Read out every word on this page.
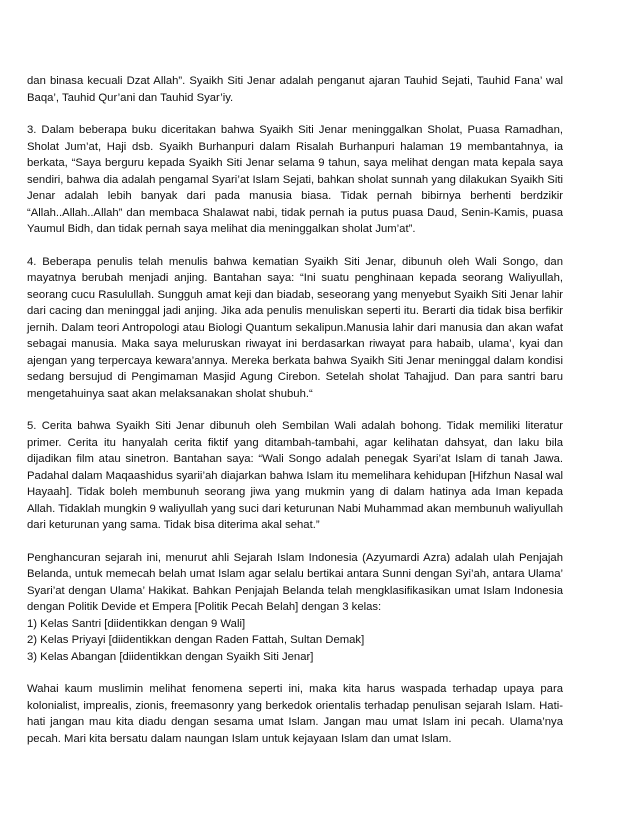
dan binasa kecuali Dzat Allah”. Syaikh Siti Jenar adalah penganut ajaran Tauhid Sejati, Tauhid Fana’ wal Baqa’, Tauhid Qur’ani dan Tauhid Syar’iy.

3. Dalam beberapa buku diceritakan bahwa Syaikh Siti Jenar meninggalkan Sholat, Puasa Ramadhan, Sholat Jum’at, Haji dsb. Syaikh Burhanpuri dalam Risalah Burhanpuri halaman 19 membantahnya, ia berkata, “Saya berguru kepada Syaikh Siti Jenar selama 9 tahun, saya melihat dengan mata kepala saya sendiri, bahwa dia adalah pengamal Syari’at Islam Sejati, bahkan sholat sunnah yang dilakukan Syaikh Siti Jenar adalah lebih banyak dari pada manusia biasa. Tidak pernah bibirnya berhenti berdzikir “Allah..Allah..Allah” dan membaca Shalawat nabi, tidak pernah ia putus puasa Daud, Senin-Kamis, puasa Yaumul Bidh, dan tidak pernah saya melihat dia meninggalkan sholat Jum’at”.

4. Beberapa penulis telah menulis bahwa kematian Syaikh Siti Jenar, dibunuh oleh Wali Songo, dan mayatnya berubah menjadi anjing. Bantahan saya: “Ini suatu penghinaan kepada seorang Waliyullah, seorang cucu Rasulullah. Sungguh amat keji dan biadab, seseorang yang menyebut Syaikh Siti Jenar lahir dari cacing dan meninggal jadi anjing. Jika ada penulis menuliskan seperti itu. Berarti dia tidak bisa berfikir jernih. Dalam teori Antropologi atau Biologi Quantum sekalipun.Manusia lahir dari manusia dan akan wafat sebagai manusia. Maka saya meluruskan riwayat ini berdasarkan riwayat para habaib, ulama’, kyai dan ajengan yang terpercaya kewara’annya. Mereka berkata bahwa Syaikh Siti Jenar meninggal dalam kondisi sedang bersujud di Pengimaman Masjid Agung Cirebon. Setelah sholat Tahajjud. Dan para santri baru mengetahuinya saat akan melaksanakan sholat shubuh.“

5. Cerita bahwa Syaikh Siti Jenar dibunuh oleh Sembilan Wali adalah bohong. Tidak memiliki literatur primer. Cerita itu hanyalah cerita fiktif yang ditambah-tambahi, agar kelihatan dahsyat, dan laku bila dijadikan film atau sinetron. Bantahan saya: “Wali Songo adalah penegak Syari’at Islam di tanah Jawa. Padahal dalam Maqaashidus syarii’ah diajarkan bahwa Islam itu memelihara kehidupan [Hifzhun Nasal wal Hayaah]. Tidak boleh membunuh seorang jiwa yang mukmin yang di dalam hatinya ada Iman kepada Allah. Tidaklah mungkin 9 waliyullah yang suci dari keturunan Nabi Muhammad akan membunuh waliyullah dari keturunan yang sama. Tidak bisa diterima akal sehat.”

Penghancuran sejarah ini, menurut ahli Sejarah Islam Indonesia (Azyumardi Azra) adalah ulah Penjajah Belanda, untuk memecah belah umat Islam agar selalu bertikai antara Sunni dengan Syi’ah, antara Ulama’ Syari’at dengan Ulama’ Hakikat. Bahkan Penjajah Belanda telah mengklasifikasikan umat Islam Indonesia dengan Politik Devide et Empera [Politik Pecah Belah] dengan 3 kelas:

1) Kelas Santri [diidentikkan dengan 9 Wali]
2) Kelas Priyayi [diidentikkan dengan Raden Fattah, Sultan Demak]
3) Kelas Abangan [diidentikkan dengan Syaikh Siti Jenar]

Wahai kaum muslimin melihat fenomena seperti ini, maka kita harus waspada terhadap upaya para kolonialist, imprealis, zionis, freemasonry yang berkedok orientalis terhadap penulisan sejarah Islam. Hati-hati jangan mau kita diadu dengan sesama umat Islam. Jangan mau umat Islam ini pecah. Ulama’nya pecah. Mari kita bersatu dalam naungan Islam untuk kejayaan Islam dan umat Islam.
